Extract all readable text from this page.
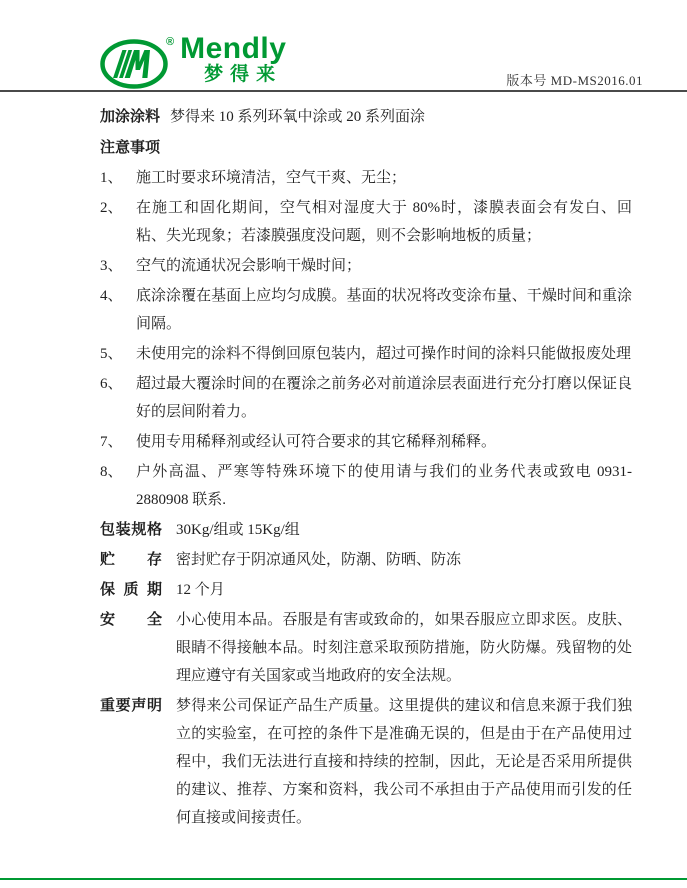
® Mendly
梦得来	版本号 MD-MS2016.01
加涂涂料 梦得来 10 系列环氧中涂或 20 系列面涂
注意事项
1、 施工时要求环境清洁，空气干爽、无尘；
2、 在施工和固化期间，空气相对湿度大于 80%时，漆膜表面会有发白、回粘、失光现象；若漆膜强度没问题，则不会影响地板的质量；
3、 空气的流通状况会影响干燥时间；
4、 底涂涂覆在基面上应均匀成膜。基面的状况将改变涂布量、干燥时间和重涂间隔。
5、 未使用完的涂料不得倒回原包装内，超过可操作时间的涂料只能做报废处理
6、 超过最大覆涂时间的在覆涂之前务必对前道涂层表面进行充分打磨以保证良好的层间附着力。
7、 使用专用稀释剂或经认可符合要求的其它稀释剂稀释。
8、 户外高温、严寒等特殊环境下的使用请与我们的业务代表或致电 0931-2880908 联系.
包装规格 30Kg/组或 15Kg/组
贮存 密封贮存于阴凉通风处，防潮、防晒、防冻
保质期 12 个月
安全 小心使用本品。吞服是有害或致命的，如果吞服应立即求医。皮肤、眼睛不得接触本品。时刻注意采取预防措施，防火防爆。残留物的处理应遵守有关国家或当地政府的安全法规。
重要声明 梦得来公司保证产品生产质量。这里提供的建议和信息来源于我们独立的实验室，在可控的条件下是准确无误的，但是由于在产品使用过程中，我们无法进行直接和持续的控制，因此，无论是否采用所提供的建议、推荐、方案和资料，我公司不承担由于产品使用而引发的任何直接或间接责任。
